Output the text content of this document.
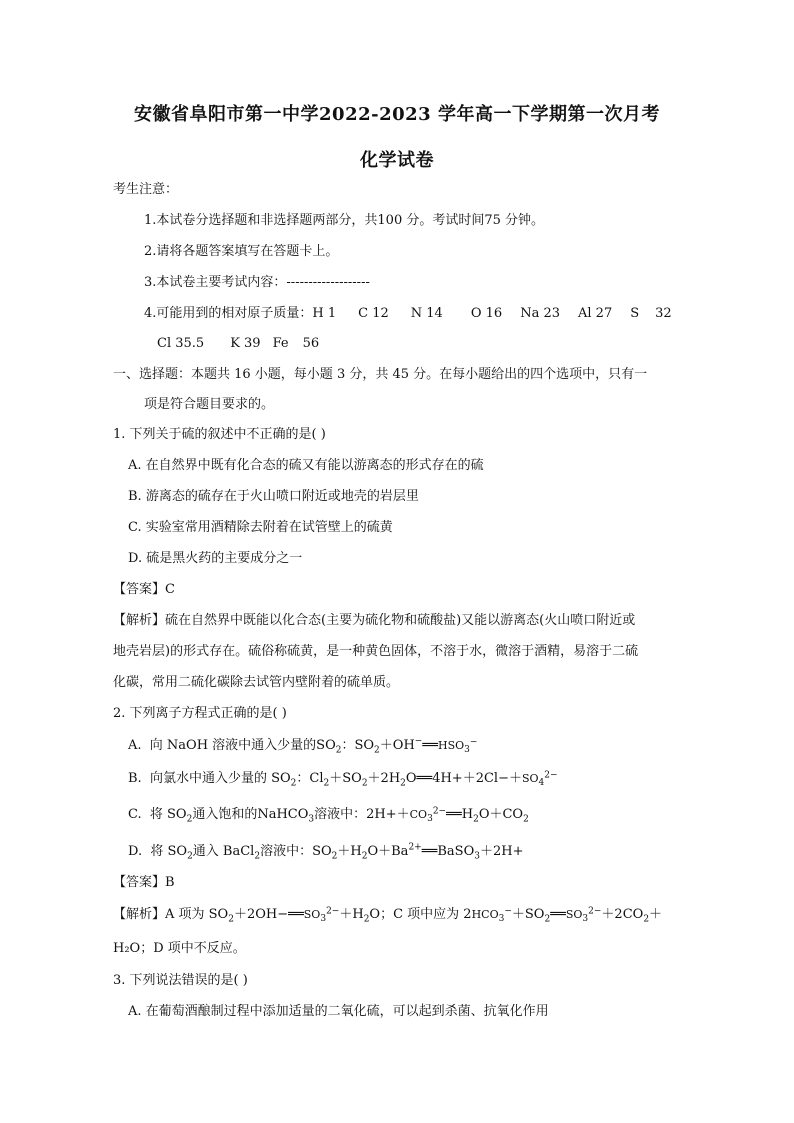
安徽省阜阳市第一中学2022-2023 学年高一下学期第一次月考
化学试卷
考生注意：
1.本试卷分选择题和非选择题两部分，共100 分。考试时间75 分钟。
2.请将各题答案填写在答题卡上。
3.本试卷主要考试内容：-------------------
4.可能用到的相对原子质量：H 1 C 12 N 14 O 16 Na 23 Al 27 S 32
Cl 35.5 K 39 Fe 56
一、选择题：本题共 16 小题，每小题 3 分，共 45 分。在每小题给出的四个选项中，只有一
项是符合题目要求的。
1. 下列关于硫的叙述中不正确的是( )
A. 在自然界中既有化合态的硫又有能以游离态的形式存在的硫
B. 游离态的硫存在于火山喷口附近或地壳的岩层里
C. 实验室常用酒精除去附着在试管壁上的硫黄
D. 硫是黑火药的主要成分之一
【答案】C
【解析】硫在自然界中既能以化合态(主要为硫化物和硫酸盐)又能以游离态(火山喷口附近或
地壳岩层)的形式存在。硫俗称硫黄，是一种黄色固体，不溶于水，微溶于酒精，易溶于二硫
化碳，常用二硫化碳除去试管内壁附着的硫单质。
2. 下列离子方程式正确的是( )
A.  向 NaOH 溶液中通入少量的$SO_2$：$SO_2+OH^-══HSO_3^-$
B.  向氯水中通入少量的 $SO_2$：$Cl_2+SO_2+2H_2O══4H++2Cl-+SO_4^{2-}$
C.  将 $SO_2$通入饱和的NaHCO$_3$溶液中：$2H++CO_3^{2-}══H_2O+CO_2$
D.  将 $SO_2$通入 BaCl$_2$溶液中：$SO_2+H_2O+Ba^{2+}══BaSO_3+2H+$
【答案】B
【解析】A 项为 $SO_2+2OH-══SO_3^{2-}+H_2O$；C 项中应为 $2HCO_3^-+SO_2══SO_3^{2-}+2CO_2+$
H₂O；D 项中不反应。
3. 下列说法错误的是( )
A. 在葡萄酒酿制过程中添加适量的二氧化硫，可以起到杀菌、抗氧化作用
